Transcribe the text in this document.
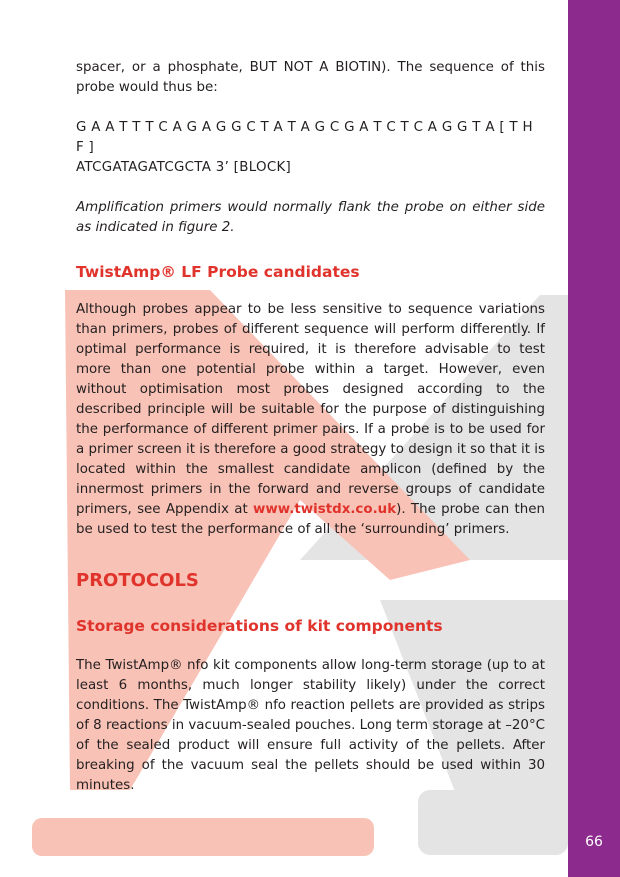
66

spacer, or a phosphate, BUT NOT A BIOTIN). The sequence of this probe would thus be:

G A A T T T C A G A G G C T A T A G C G A T C T C A G G T A [ T H F ]
ATCGATAGATCGCTA 3’ [BLOCK]

Amplification primers would normally flank the probe on either side as indicated in figure 2.

TwistAmp® LF Probe candidates

Although probes appear to be less sensitive to sequence variations than primers, probes of different sequence will perform differently. If optimal performance is required, it is therefore advisable to test more than one potential probe within a target. However, even without optimisation most probes designed according to the described principle will be suitable for the purpose of distinguishing the performance of different primer pairs. If a probe is to be used for a primer screen it is therefore a good strategy to design it so that it is located within the smallest candidate amplicon (defined by the innermost primers in the forward and reverse groups of candidate primers, see Appendix at www.twistdx.co.uk). The probe can then be used to test the performance of all the ‘surrounding’ primers.

PROTOCOLS
Storage considerations of kit components

The TwistAmp® nfo kit components allow long-term storage (up to at least 6 months, much longer stability likely) under the correct conditions. The TwistAmp® nfo reaction pellets are provided as strips of 8 reactions in vacuum-sealed pouches. Long term storage at –20°C of the sealed product will ensure full activity of the pellets. After breaking of the vacuum seal the pellets should be used within 30 minutes.
